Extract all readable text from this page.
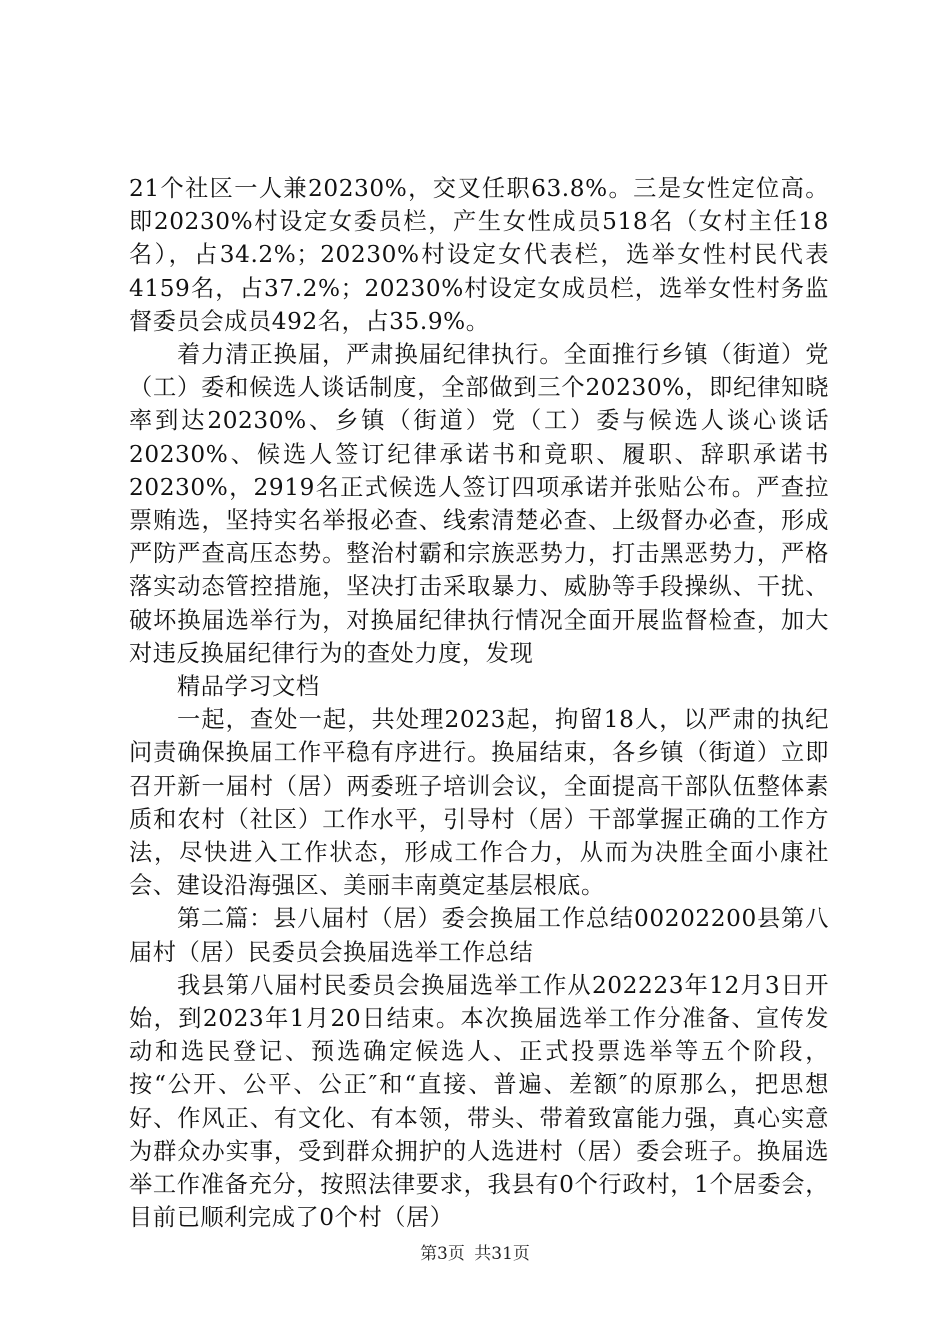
21个社区一人兼20230%，交叉任职63.8%。三是女性定位高。即20230%村设定女委员栏，产生女性成员518名（女村主任18名），占34.2%；20230%村设定女代表栏，选举女性村民代表4159名，占37.2%；20230%村设定女成员栏，选举女性村务监督委员会成员492名，占35.9%。

着力清正换届，严肃换届纪律执行。全面推行乡镇（街道）党（工）委和候选人谈话制度，全部做到三个20230%，即纪律知晓率到达20230%、乡镇（街道）党（工）委与候选人谈心谈话20230%、候选人签订纪律承诺书和竟职、履职、辞职承诺书20230%，2919名正式候选人签订四项承诺并张贴公布。严查拉票贿选，坚持实名举报必查、线索清楚必查、上级督办必查，形成严防严查高压态势。整治村霸和宗族恶势力，打击黑恶势力，严格落实动态管控措施，坚决打击采取暴力、威胁等手段操纵、干扰、破坏换届选举行为，对换届纪律执行情况全面开展监督检查，加大对违反换届纪律行为的查处力度，发现

精品学习文档

一起，查处一起，共处理2023起，拘留18人，以严肃的执纪问责确保换届工作平稳有序进行。换届结束，各乡镇（街道）立即召开新一届村（居）两委班子培训会议，全面提高干部队伍整体素质和农村（社区）工作水平，引导村（居）干部掌握正确的工作方法，尽快进入工作状态，形成工作合力，从而为决胜全面小康社会、建设沿海强区、美丽丰南奠定基层根底。

第二篇：县八届村（居）委会换届工作总结00202200县第八届村（居）民委员会换届选举工作总结

我县第八届村民委员会换届选举工作从202223年12月3日开始，到2023年1月20日结束。本次换届选举工作分准备、宣传发动和选民登记、预选确定候选人、正式投票选举等五个阶段，按“公开、公平、公正″和“直接、普遍、差额″的原那么，把思想好、作风正、有文化、有本领，带头、带着致富能力强，真心实意为群众办实事，受到群众拥护的人选进村（居）委会班子。换届选举工作准备充分，按照法律要求，我县有0个行政村，1个居委会，目前已顺利完成了0个村（居）

第3页 共31页
